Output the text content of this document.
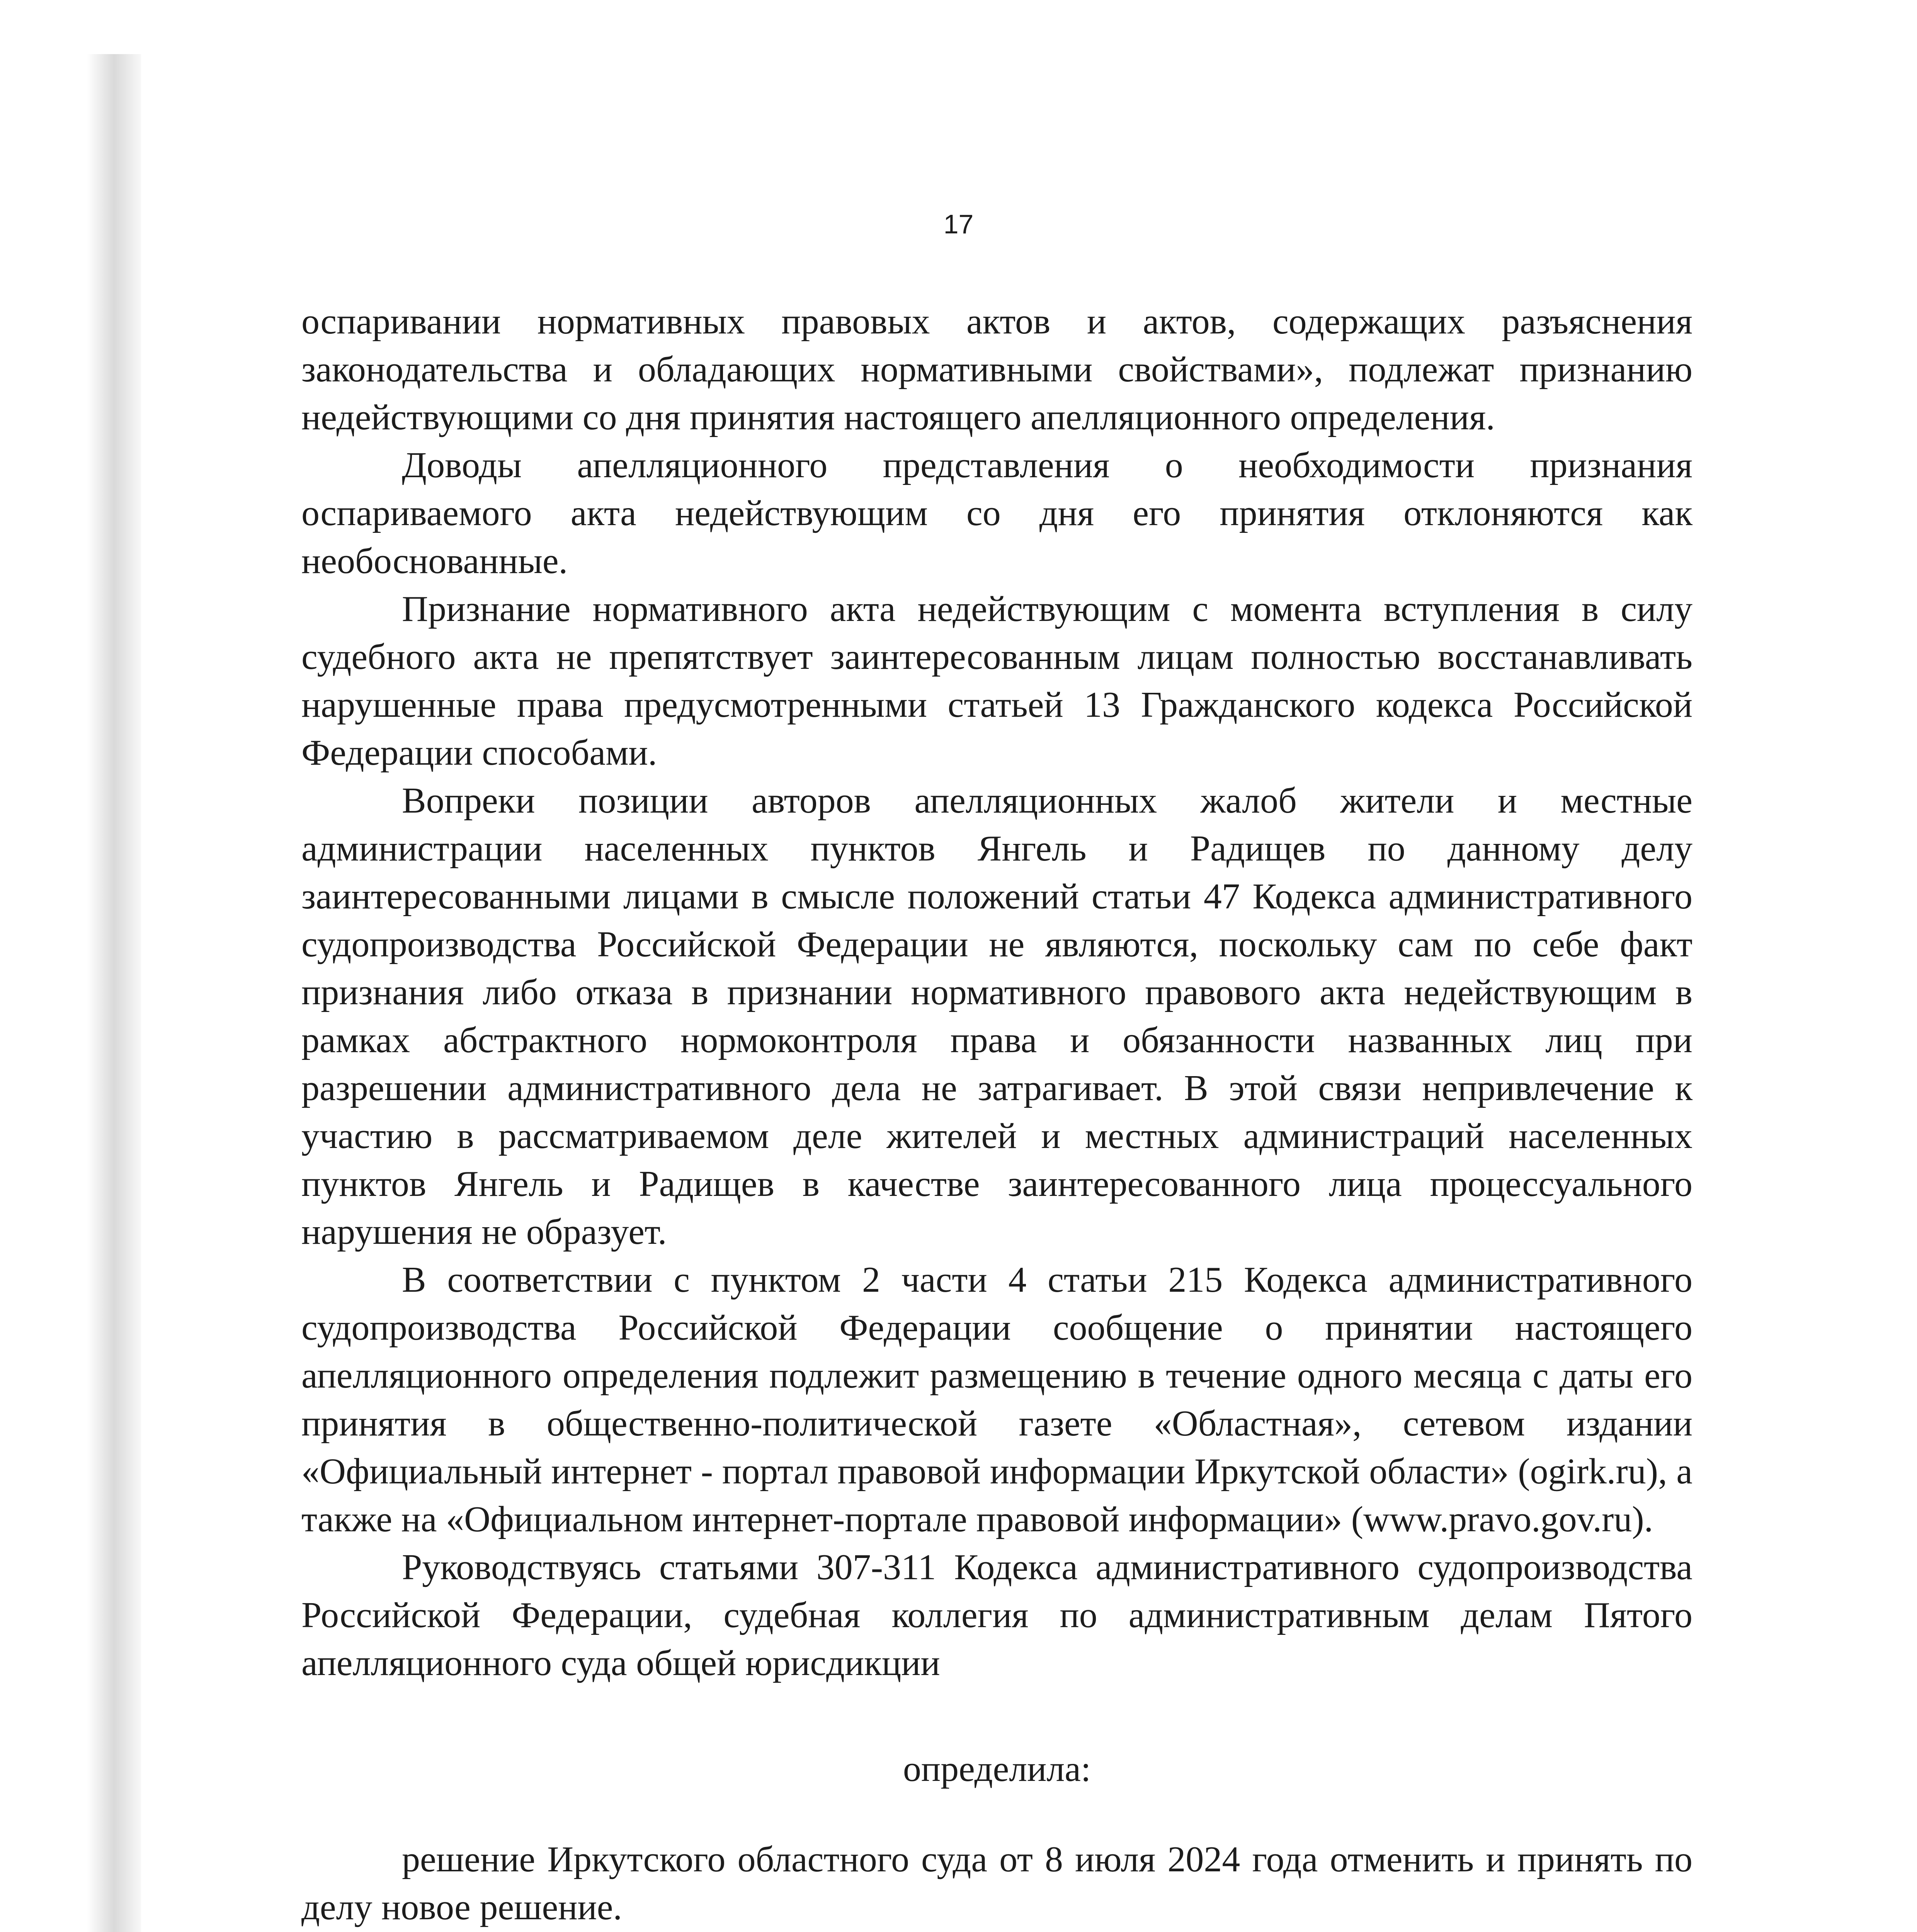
17

оспаривании нормативных правовых актов и актов, содержащих разъяснения законодательства и обладающих нормативными свойствами», подлежат признанию недействующими со дня принятия настоящего апелляционного определения.

Доводы апелляционного представления о необходимости признания оспариваемого акта недействующим со дня его принятия отклоняются как необоснованные.

Признание нормативного акта недействующим с момента вступления в силу судебного акта не препятствует заинтересованным лицам полностью восстанавливать нарушенные права предусмотренными статьей 13 Гражданского кодекса Российской Федерации способами.

Вопреки позиции авторов апелляционных жалоб жители и местные администрации населенных пунктов Янгель и Радищев по данному делу заинтересованными лицами в смысле положений статьи 47 Кодекса административного судопроизводства Российской Федерации не являются, поскольку сам по себе факт признания либо отказа в признании нормативного правового акта недействующим в рамках абстрактного нормоконтроля права и обязанности названных лиц при разрешении административного дела не затрагивает. В этой связи непривлечение к участию в рассматриваемом деле жителей и местных администраций населенных пунктов Янгель и Радищев в качестве заинтересованного лица процессуального нарушения не образует.

В соответствии с пунктом 2 части 4 статьи 215 Кодекса административного судопроизводства Российской Федерации сообщение о принятии настоящего апелляционного определения подлежит размещению в течение одного месяца с даты его принятия в общественно-политической газете «Областная», сетевом издании «Официальный интернет - портал правовой информации Иркутской области» (ogirk.ru), а также на «Официальном интернет-портале правовой информации» (www.pravo.gov.ru).

Руководствуясь статьями 307-311 Кодекса административного судопроизводства Российской Федерации, судебная коллегия по административным делам Пятого апелляционного суда общей юрисдикции

определила:

решение Иркутского областного суда от 8 июля 2024 года отменить и принять по делу новое решение.
